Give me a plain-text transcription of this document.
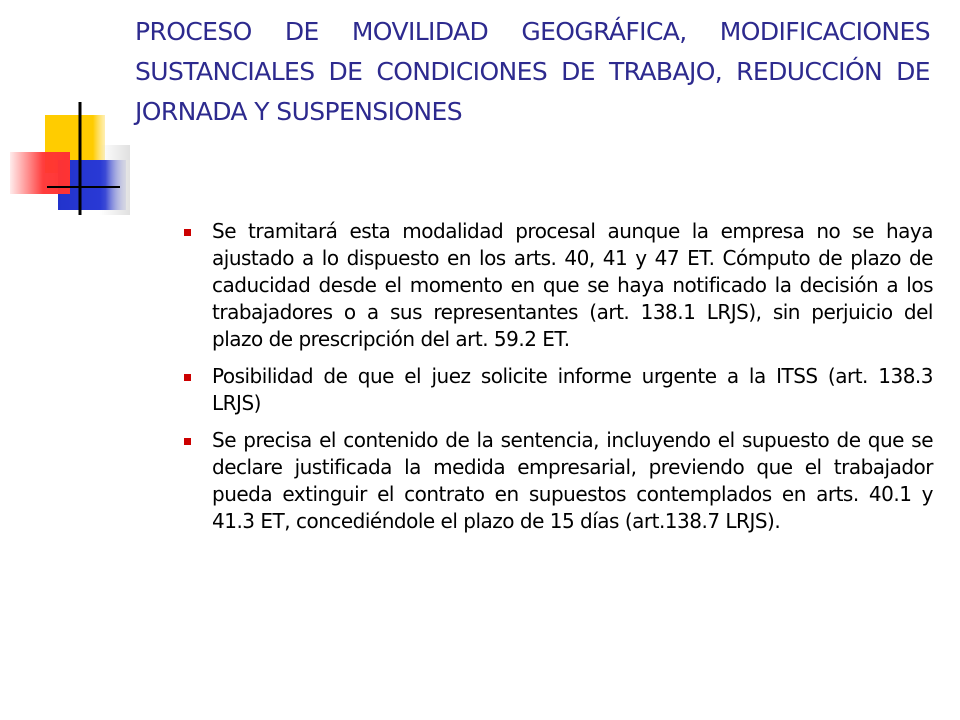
PROCESO DE MOVILIDAD GEOGRÁFICA, MODIFICACIONES SUSTANCIALES DE CONDICIONES DE TRABAJO, REDUCCIÓN DE JORNADA Y SUSPENSIONES
Se tramitará esta modalidad procesal aunque la empresa no se haya ajustado a lo dispuesto en los arts. 40, 41 y 47 ET. Cómputo de plazo de caducidad desde el momento en que se haya notificado la decisión a los trabajadores o a sus representantes (art. 138.1 LRJS), sin perjuicio del plazo de prescripción del art. 59.2 ET.
Posibilidad de que el juez solicite informe urgente a la ITSS (art. 138.3 LRJS)
Se precisa el contenido de la sentencia, incluyendo el supuesto de que se declare justificada la medida empresarial, previendo que el trabajador pueda extinguir el contrato en supuestos contemplados en arts. 40.1 y 41.3 ET, concediéndole el plazo de 15 días (art.138.7 LRJS).
